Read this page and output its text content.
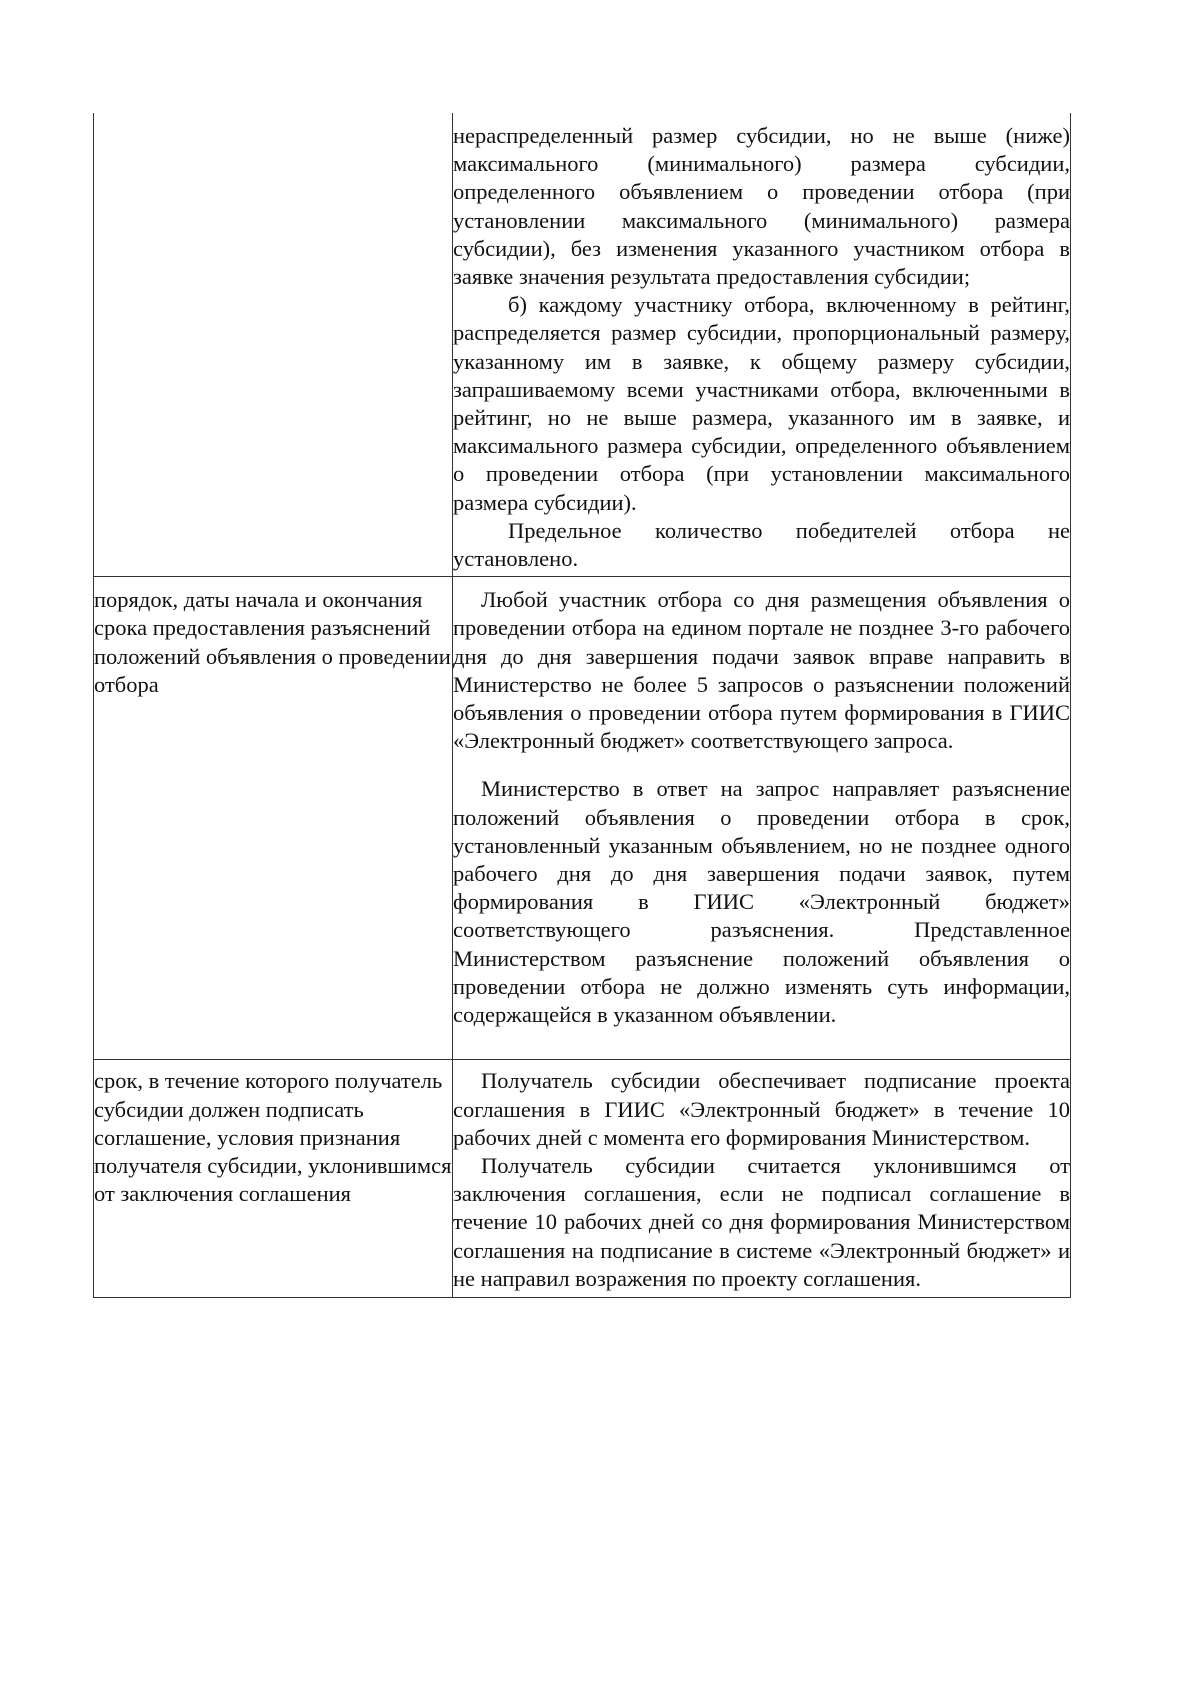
	нераспределенный размер субсидии, но не выше (ниже) максимального (минимального) размера субсидии, определенного объявлением о проведении отбора (при установлении максимального (минимального) размера субсидии), без изменения указанного участником отбора в заявке значения результата предоставления субсидии;

б) каждому участнику отбора, включенному в рейтинг, распределяется размер субсидии, пропорциональный размеру, указанному им в заявке, к общему размеру субсидии, запрашиваемому всеми участниками отбора, включенными в рейтинг, но не выше размера, указанного им в заявке, и максимального размера субсидии, определенного объявлением о проведении отбора (при установлении максимального размера субсидии).

Предельное количество победителей отбора не установлено.

порядок, даты начала и окончания срока предоставления разъяснений положений объявления о проведении отбора	Любой участник отбора со дня размещения объявления о проведении отбора на едином портале не позднее 3-го рабочего дня до дня завершения подачи заявок вправе направить в Министерство не более 5 запросов о разъяснении положений объявления о проведении отбора путем формирования в ГИИС «Электронный бюджет» соответствующего запроса.

Министерство в ответ на запрос направляет разъяснение положений объявления о проведении отбора в срок, установленный указанным объявлением, но не позднее одного рабочего дня до дня завершения подачи заявок, путем формирования в ГИИС «Электронный бюджет» соответствующего разъяснения. Представленное Министерством разъяснение положений объявления о проведении отбора не должно изменять суть информации, содержащейся в указанном объявлении.

срок, в течение которого получатель субсидии должен подписать соглашение, условия признания получателя субсидии, уклонившимся от заключения соглашения	Получатель субсидии обеспечивает подписание проекта соглашения в ГИИС «Электронный бюджет» в течение 10 рабочих дней с момента его формирования Министерством.

Получатель субсидии считается уклонившимся от заключения соглашения, если не подписал соглашение в течение 10 рабочих дней со дня формирования Министерством соглашения на подписание в системе «Электронный бюджет» и не направил возражения по проекту соглашения.
